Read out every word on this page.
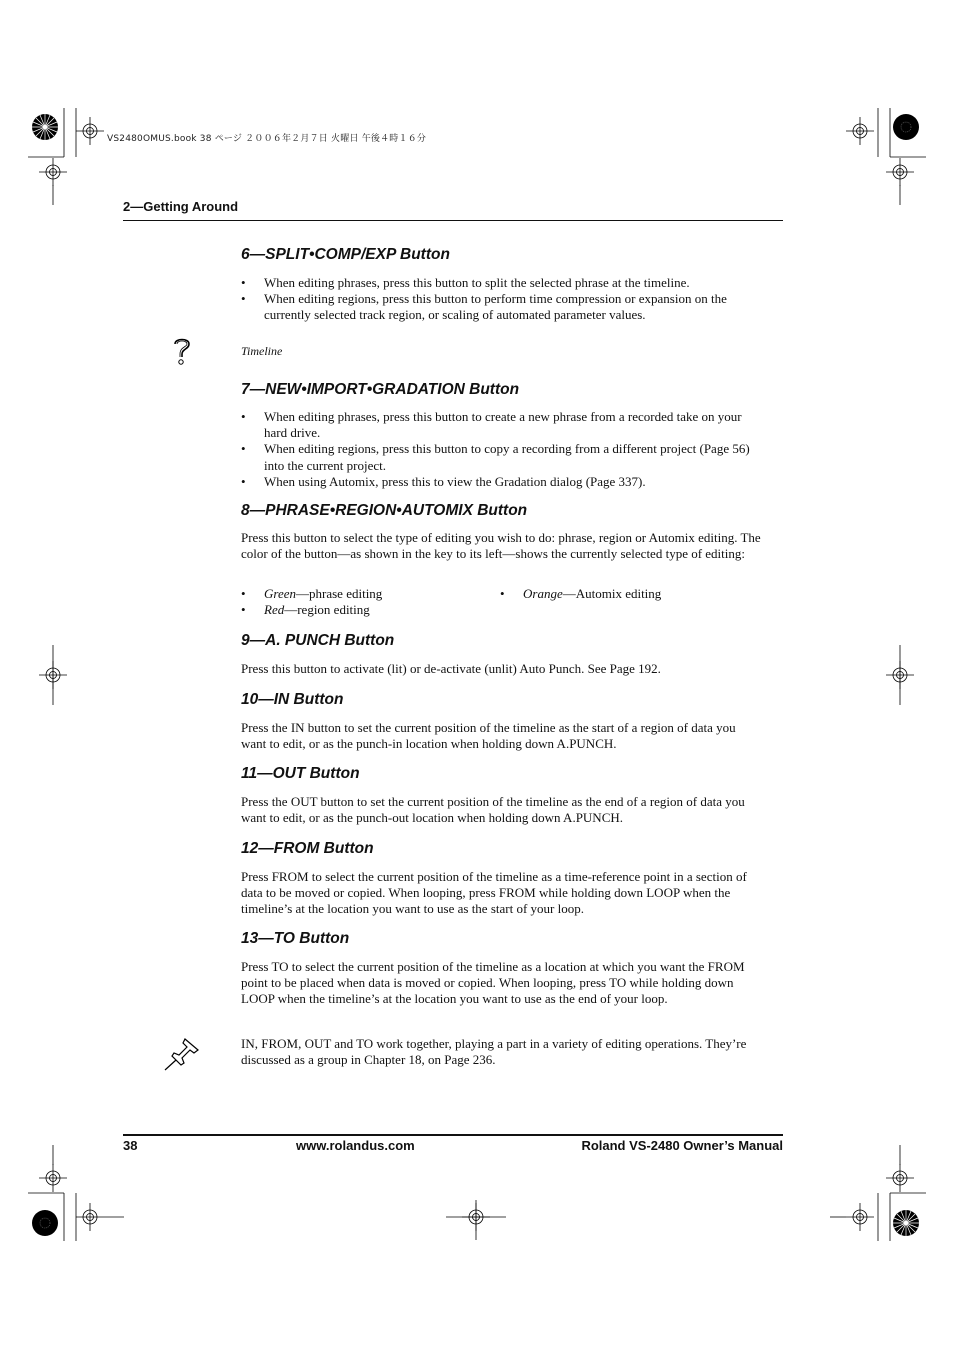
VS2480OMUS.book 38 ページ ２００６年２月７日 火曜日 午後４時１６分
2—Getting Around
6—SPLIT•COMP/EXP Button
• When editing phrases, press this button to split the selected phrase at the timeline.
• When editing regions, press this button to perform time compression or expansion on the currently selected track region, or scaling of automated parameter values.
Timeline
7—NEW•IMPORT•GRADATION Button
• When editing phrases, press this button to create a new phrase from a recorded take on your hard drive.
• When editing regions, press this button to copy a recording from a different project (Page 56) into the current project.
• When using Automix, press this to view the Gradation dialog (Page 337).
8—PHRASE•REGION•AUTOMIX Button
Press this button to select the type of editing you wish to do: phrase, region or Automix editing. The color of the button—as shown in the key to its left—shows the currently selected type of editing:
• Green—phrase editing
• Red—region editing
• Orange—Automix editing
9—A. PUNCH Button
Press this button to activate (lit) or de-activate (unlit) Auto Punch. See Page 192.
10—IN Button
Press the IN button to set the current position of the timeline as the start of a region of data you want to edit, or as the punch-in location when holding down A.PUNCH.
11—OUT Button
Press the OUT button to set the current position of the timeline as the end of a region of data you want to edit, or as the punch-out location when holding down A.PUNCH.
12—FROM Button
Press FROM to select the current position of the timeline as a time-reference point in a section of data to be moved or copied. When looping, press FROM while holding down LOOP when the timeline’s at the location you want to use as the start of your loop.
13—TO Button
Press TO to select the current position of the timeline as a location at which you want the FROM point to be placed when data is moved or copied. When looping, press TO while holding down LOOP when the timeline’s at the location you want to use as the end of your loop.
IN, FROM, OUT and TO work together, playing a part in a variety of editing operations. They’re discussed as a group in Chapter 18, on Page 236.
38	www.rolandus.com	Roland VS-2480 Owner’s Manual
